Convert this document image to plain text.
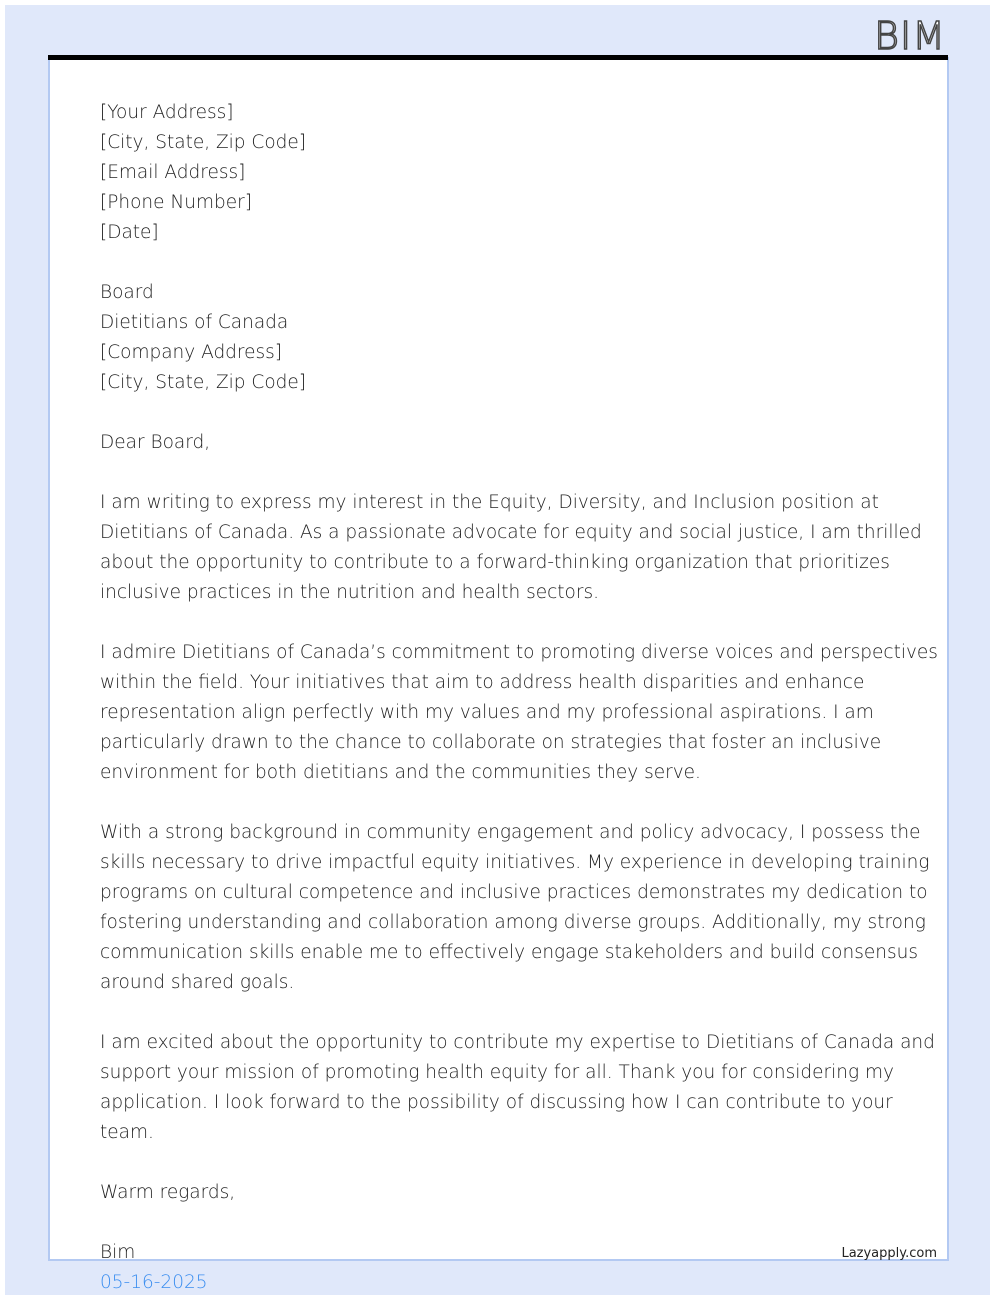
BIM
[Your Address]
[City, State, Zip Code]
[Email Address]
[Phone Number]
[Date]
Board
Dietitians of Canada
[Company Address]
[City, State, Zip Code]
Dear Board,
I am writing to express my interest in the Equity, Diversity, and Inclusion position at
Dietitians of Canada. As a passionate advocate for equity and social justice, I am thrilled
about the opportunity to contribute to a forward-thinking organization that prioritizes
inclusive practices in the nutrition and health sectors.
I admire Dietitians of Canada’s commitment to promoting diverse voices and perspectives
within the field. Your initiatives that aim to address health disparities and enhance
representation align perfectly with my values and my professional aspirations. I am
particularly drawn to the chance to collaborate on strategies that foster an inclusive
environment for both dietitians and the communities they serve.
With a strong background in community engagement and policy advocacy, I possess the
skills necessary to drive impactful equity initiatives. My experience in developing training
programs on cultural competence and inclusive practices demonstrates my dedication to
fostering understanding and collaboration among diverse groups. Additionally, my strong
communication skills enable me to effectively engage stakeholders and build consensus
around shared goals.
I am excited about the opportunity to contribute my expertise to Dietitians of Canada and
support your mission of promoting health equity for all. Thank you for considering my
application. I look forward to the possibility of discussing how I can contribute to your
team.
Warm regards,
Bim
05-16-2025
Lazyapply.com
